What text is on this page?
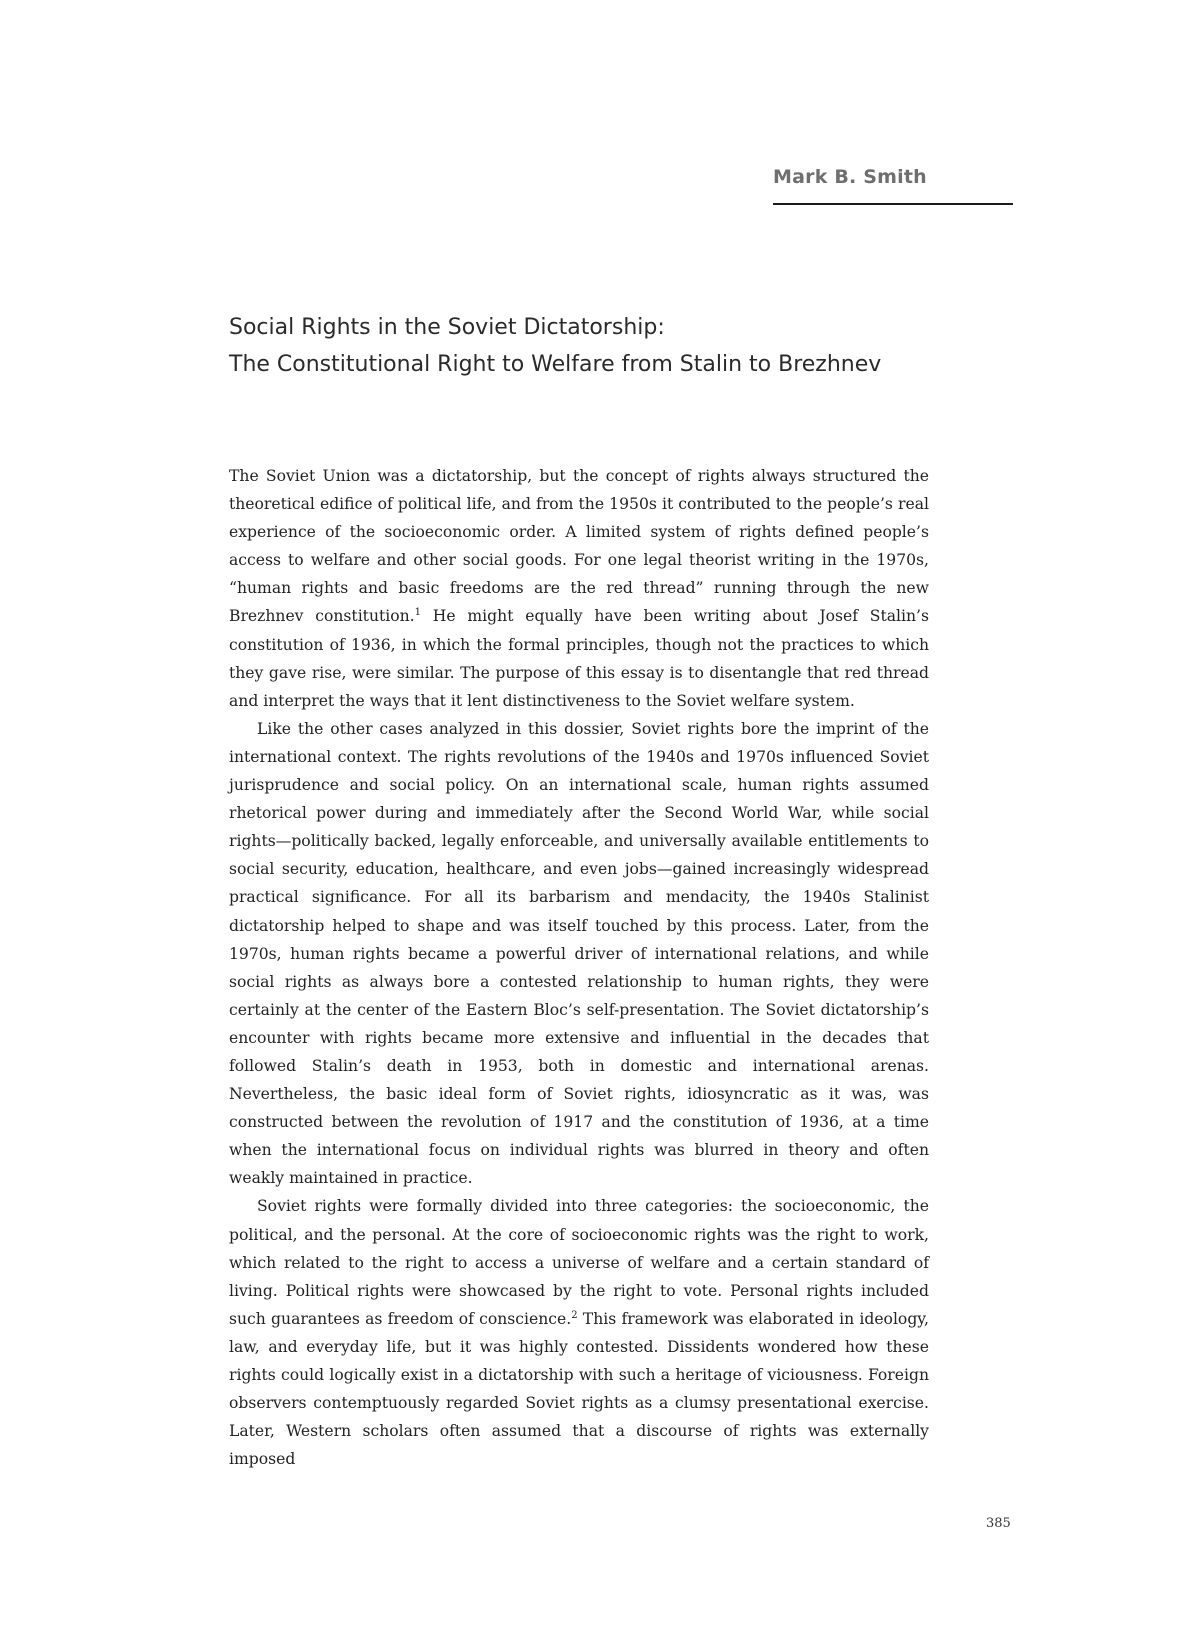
Mark B. Smith
Social Rights in the Soviet Dictatorship:
The Constitutional Right to Welfare from Stalin to Brezhnev

The Soviet Union was a dictatorship, but the concept of rights always structured the theoretical edifice of political life, and from the 1950s it contributed to the people’s real experience of the socioeconomic order. A limited system of rights defined people’s access to welfare and other social goods. For one legal theorist writing in the 1970s, “human rights and basic freedoms are the red thread” running through the new Brezhnev constitution.$^1$ He might equally have been writing about Josef Stalin’s constitution of 1936, in which the formal principles, though not the practices to which they gave rise, were similar. The purpose of this essay is to disentangle that red thread and interpret the ways that it lent distinctiveness to the Soviet welfare system.

Like the other cases analyzed in this dossier, Soviet rights bore the imprint of the international context. The rights revolutions of the 1940s and 1970s influenced Soviet jurisprudence and social policy. On an international scale, human rights assumed rhetorical power during and immediately after the Second World War, while social rights—politically backed, legally enforceable, and universally available entitlements to social security, education, healthcare, and even jobs—gained increasingly widespread practical significance. For all its barbarism and mendacity, the 1940s Stalinist dictatorship helped to shape and was itself touched by this process. Later, from the 1970s, human rights became a powerful driver of international relations, and while social rights as always bore a contested relationship to human rights, they were certainly at the center of the Eastern Bloc’s self-presentation. The Soviet dictatorship’s encounter with rights became more extensive and influential in the decades that followed Stalin’s death in 1953, both in domestic and international arenas. Nevertheless, the basic ideal form of Soviet rights, idiosyncratic as it was, was constructed between the revolution of 1917 and the constitution of 1936, at a time when the international focus on individual rights was blurred in theory and often weakly maintained in practice.

Soviet rights were formally divided into three categories: the socioeconomic, the political, and the personal. At the core of socioeconomic rights was the right to work, which related to the right to access a universe of welfare and a certain standard of living. Political rights were showcased by the right to vote. Personal rights included such guarantees as freedom of conscience.$^2$ This framework was elaborated in ideology, law, and everyday life, but it was highly contested. Dissidents wondered how these rights could logically exist in a dictatorship with such a heritage of viciousness. Foreign observers contemptuously regarded Soviet rights as a clumsy presentational exercise. Later, Western scholars often assumed that a discourse of rights was externally imposed

385
